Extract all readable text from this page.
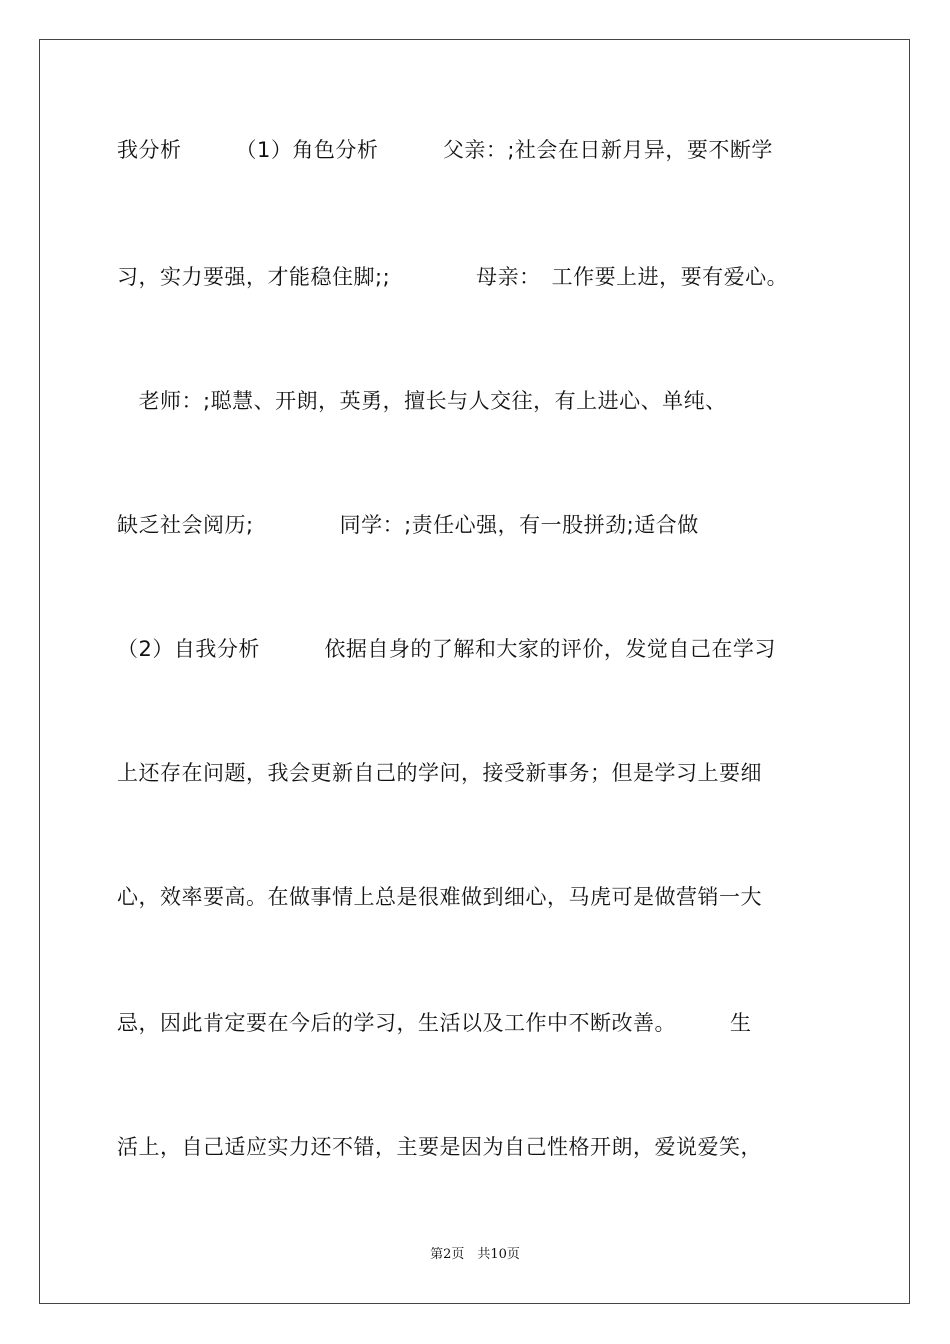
我分析　　　（1）角色分析　　　父亲：;社会在日新月异，要不断学
习，实力要强，才能稳住脚;;　　　　母亲：　工作要上进，要有爱心。
　老师：;聪慧、开朗，英勇，擅长与人交往，有上进心、单纯、
缺乏社会阅历;　　　　同学：;责任心强，有一股拼劲;适合做
（2）自我分析　　　依据自身的了解和大家的评价，发觉自己在学习
上还存在问题，我会更新自己的学问，接受新事务；但是学习上要细
心，效率要高。在做事情上总是很难做到细心，马虎可是做营销一大
忌，因此肯定要在今后的学习，生活以及工作中不断改善。　　　生
活上，自己适应实力还不错，主要是因为自己性格开朗，爱说爱笑，
第2页　共10页
